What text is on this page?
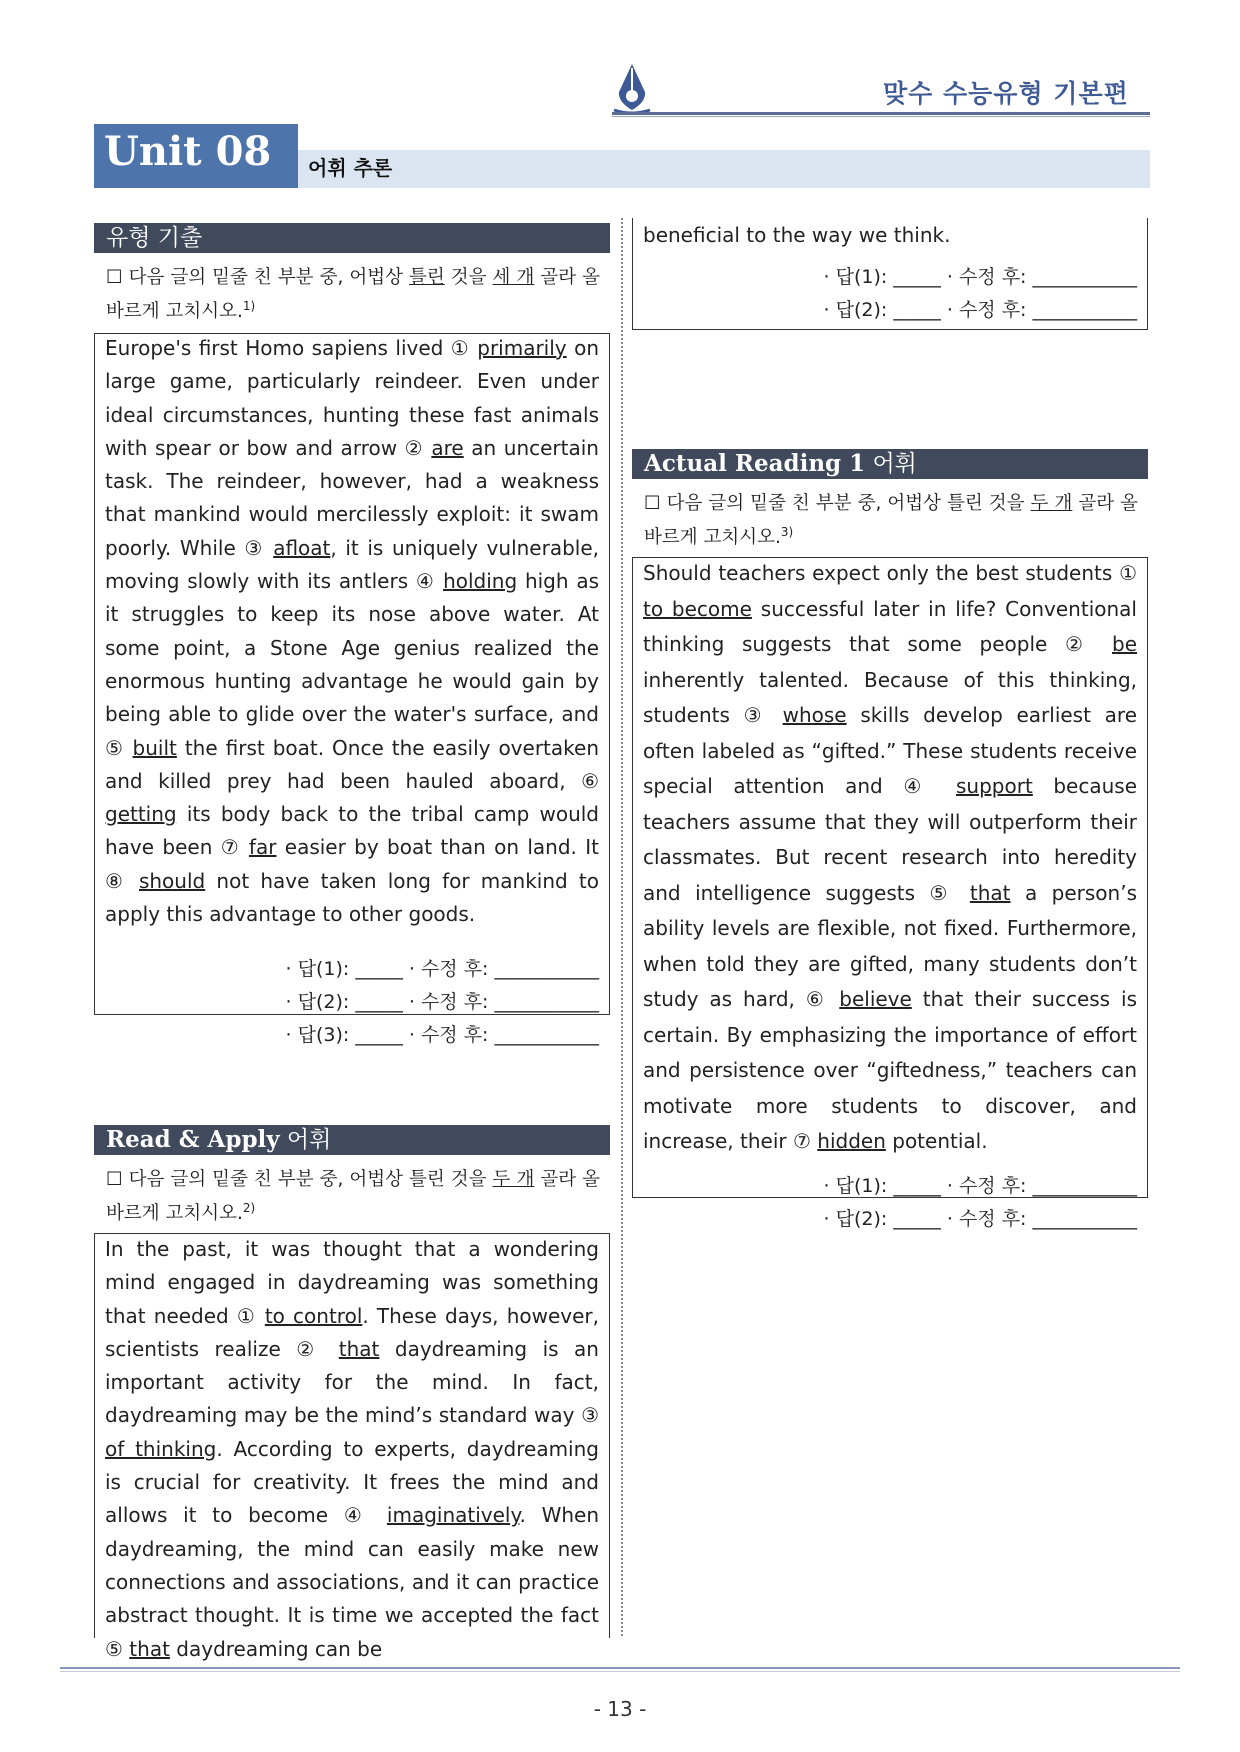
맞수 수능유형 기본편
Unit 08 어휘 추론
유형 기출
☐ 다음 글의 밑줄 친 부분 중, 어법상 틀린 것을 세 개 골라 올바르게 고치시오.$^{1)}$
Europe's first Homo sapiens lived ① primarily on large game, particularly reindeer. Even under ideal circumstances, hunting these fast animals with spear or bow and arrow ② are an uncertain task. The reindeer, however, had a weakness that mankind would mercilessly exploit: it swam poorly. While ③ afloat, it is uniquely vulnerable, moving slowly with its antlers ④ holding high as it struggles to keep its nose above water. At some point, a Stone Age genius realized the enormous hunting advantage he would gain by being able to glide over the water's surface, and ⑤ built the first boat. Once the easily overtaken and killed prey had been hauled aboard, ⑥ getting its body back to the tribal camp would have been ⑦ far easier by boat than on land. It ⑧ should not have taken long for mankind to apply this advantage to other goods.
· 답(1): _____ · 수정 후: ___________
· 답(2): _____ · 수정 후: ___________
· 답(3): _____ · 수정 후: ___________
Read & Apply 어휘
☐ 다음 글의 밑줄 친 부분 중, 어법상 틀린 것을 두 개 골라 올바르게 고치시오.$^{2)}$
In the past, it was thought that a wondering mind engaged in daydreaming was something that needed ① to control. These days, however, scientists realize ② that daydreaming is an important activity for the mind. In fact, daydreaming may be the mind’s standard way ③ of thinking. According to experts, daydreaming is crucial for creativity. It frees the mind and allows it to become ④ imaginatively. When daydreaming, the mind can easily make new connections and associations, and it can practice abstract thought. It is time we accepted the fact ⑤ that daydreaming can be
beneficial to the way we think.
· 답(1): _____ · 수정 후: ___________
· 답(2): _____ · 수정 후: ___________
Actual Reading 1 어휘
☐ 다음 글의 밑줄 친 부분 중, 어법상 틀린 것을 두 개 골라 올바르게 고치시오.$^{3)}$
Should teachers expect only the best students ① to become successful later in life? Conventional thinking suggests that some people ② be inherently talented. Because of this thinking, students ③ whose skills develop earliest are often labeled as “gifted.” These students receive special attention and ④ support because teachers assume that they will outperform their classmates. But recent research into heredity and intelligence suggests ⑤ that a person’s ability levels are flexible, not fixed. Furthermore, when told they are gifted, many students don’t study as hard, ⑥ believe that their success is certain. By emphasizing the importance of effort and persistence over “giftedness,” teachers can motivate more students to discover, and increase, their ⑦ hidden potential.
· 답(1): _____ · 수정 후: ___________
· 답(2): _____ · 수정 후: ___________
- 13 -
